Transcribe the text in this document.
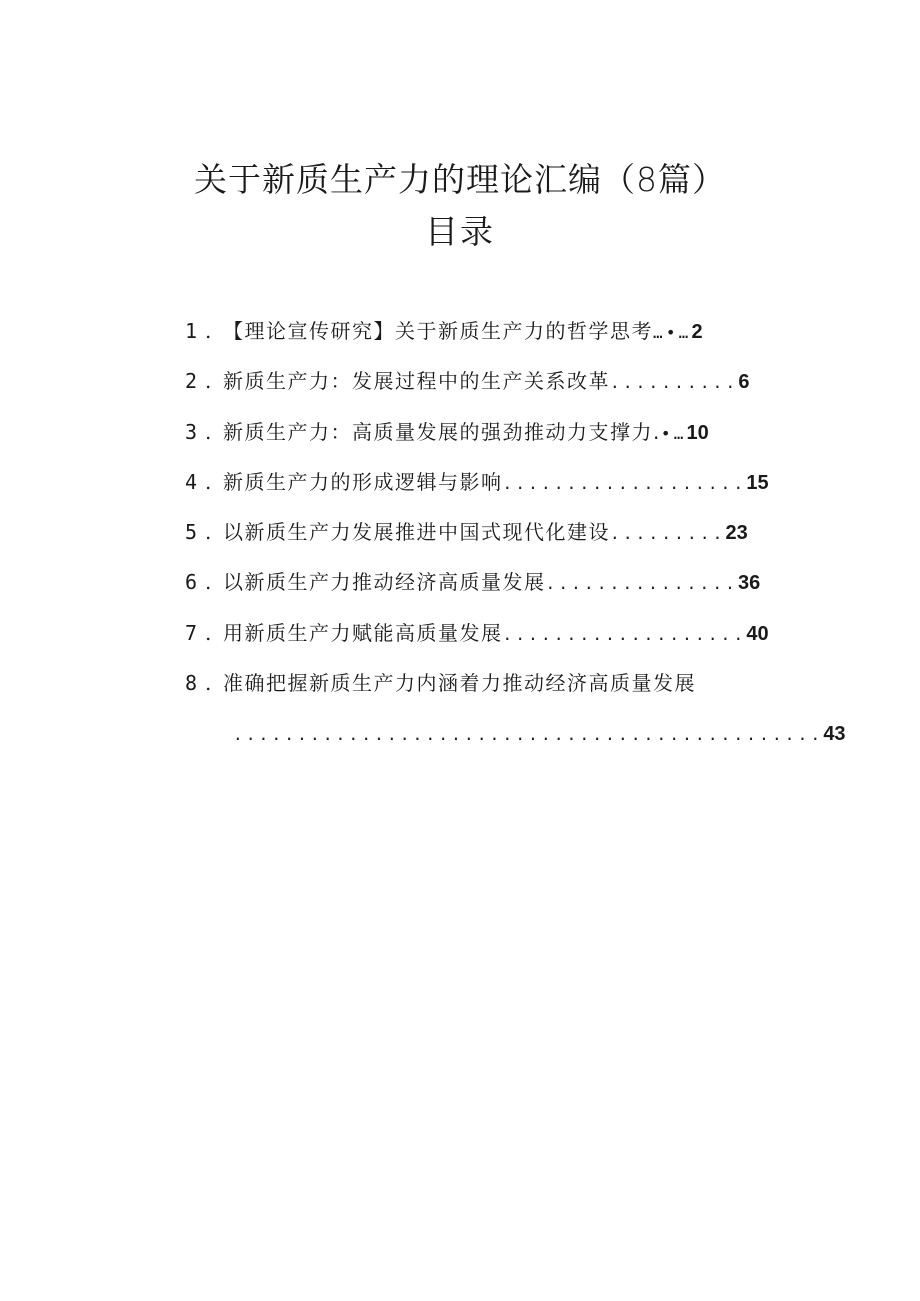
关于新质生产力的理论汇编（8篇）
目录
1 . 【理论宣传研究】关于新质生产力的哲学思考…•…2
2 . 新质生产力：发展过程中的生产关系改革..........6
3 . 新质生产力：高质量发展的强劲推动力支撑力.•…10
4 . 新质生产力的形成逻辑与影响...................15
5 . 以新质生产力发展推进中国式现代化建设.........23
6 . 以新质生产力推动经济高质量发展...............36
7 . 用新质生产力赋能高质量发展...................40
8 . 准确把握新质生产力内涵着力推动经济高质量发展
..............................................43
